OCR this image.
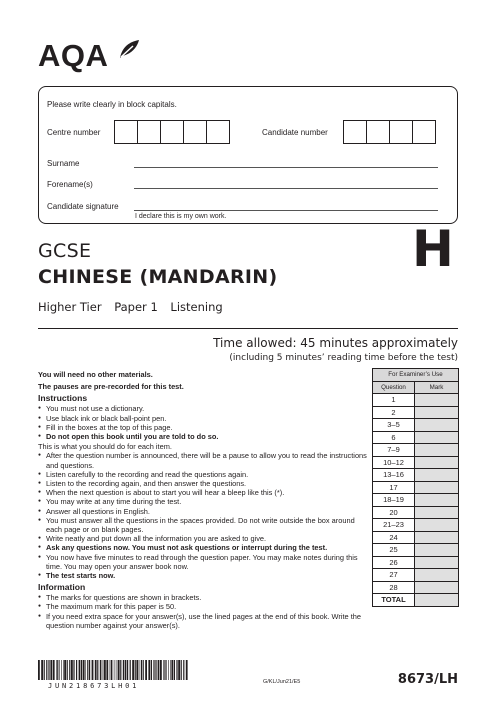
AQA
Please write clearly in block capitals.
Centre number	Candidate number
Surname
Forename(s)
Candidate signature
I declare this is my own work.
GCSE
CHINESE (MANDARIN)
Higher Tier Paper 1 Listening
H
Time allowed: 45 minutes approximately
(including 5 minutes’ reading time before the test)
You will need no other materials.
The pauses are pre-recorded for this test.
Instructions
● You must not use a dictionary.
● Use black ink or black ball-point pen.
● Fill in the boxes at the top of this page.
● Do not open this book until you are told to do so.

This is what you should do for each item.

● After the question number is announced, there will be a pause to allow you to read the instructions and questions.
● Listen carefully to the recording and read the questions again.
● Listen to the recording again, and then answer the questions.
● When the next question is about to start you will hear a bleep like this (*).
● You may write at any time during the test.
● Answer all questions in English.
● You must answer all the questions in the spaces provided. Do not write outside the box around each page or on blank pages.
● Write neatly and put down all the information you are asked to give.
● Ask any questions now. You must not ask questions or interrupt during the test.
● You now have five minutes to read through the question paper. You may make notes during this time. You may open your answer book now.
● The test starts now.
Information
● The marks for questions are shown in brackets.
● The maximum mark for this paper is 50.
● If you need extra space for your answer(s), use the lined pages at the end of this book. Write the question number against your answer(s).
For Examiner’s Use	
Question	Mark
1	
2	
3–5	
6	
7–9	
10–12	
13–16	
17	
18–19	
20	
21–23	
24	
25	
26	
27	
28	
TOTAL	
JUN218673LH01	G/KL/Jun21/E5	8673/LH
